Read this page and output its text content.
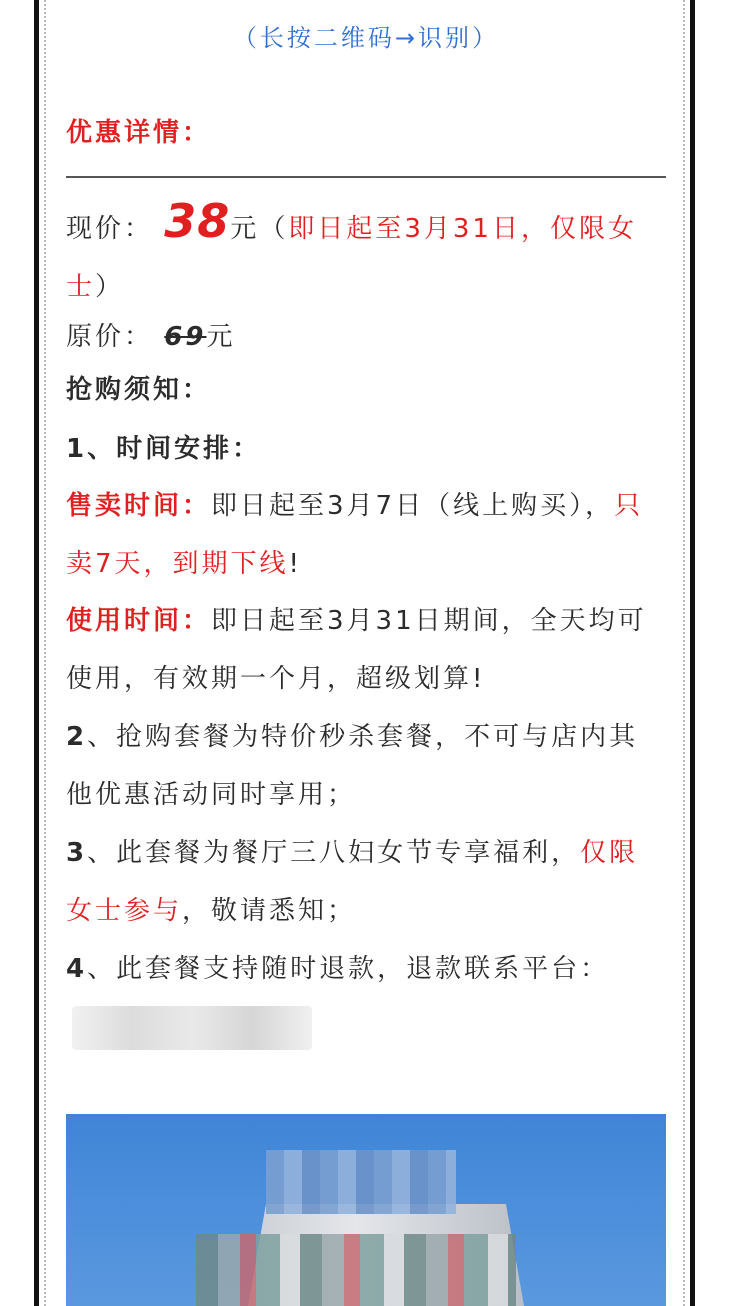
（长按二维码→识别）
优惠详情：
现价： 38元（即日起至3月31日，仅限女士）
原价： 69元
抢购须知：
1、时间安排：
售卖时间：即日起至3月7日（线上购买），只卖7天，到期下线!
使用时间：即日起至3月31日期间，全天均可使用，有效期一个月，超级划算!
2、抢购套餐为特价秒杀套餐，不可与店内其他优惠活动同时享用；
3、此套餐为餐厅三八妇女节专享福利，仅限女士参与，敬请悉知；
4、此套餐支持随时退款，退款联系平台：
